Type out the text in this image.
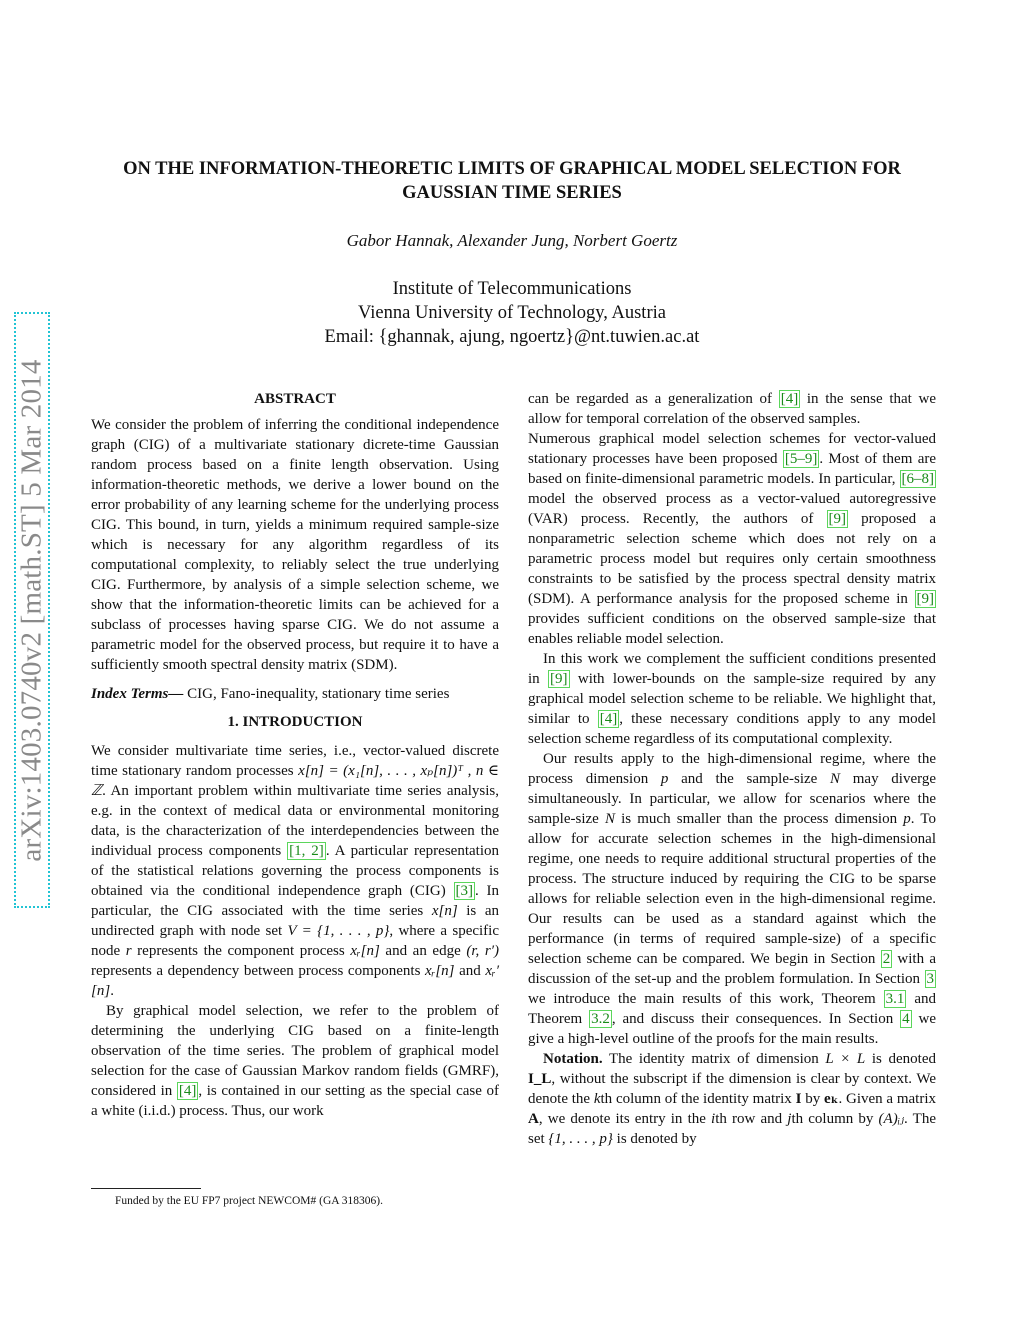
arXiv:1403.0740v2 [math.ST] 5 Mar 2014
ON THE INFORMATION-THEORETIC LIMITS OF GRAPHICAL MODEL SELECTION FOR GAUSSIAN TIME SERIES
Gabor Hannak, Alexander Jung, Norbert Goertz
Institute of Telecommunications
Vienna University of Technology, Austria
Email: {ghannak, ajung, ngoertz}@nt.tuwien.ac.at
ABSTRACT

We consider the problem of inferring the conditional independence graph (CIG) of a multivariate stationary dicrete-time Gaussian random process based on a finite length observation. Using information-theoretic methods, we derive a lower bound on the error probability of any learning scheme for the underlying process CIG. This bound, in turn, yields a minimum required sample-size which is necessary for any algorithm regardless of its computational complexity, to reliably select the true underlying CIG. Furthermore, by analysis of a simple selection scheme, we show that the information-theoretic limits can be achieved for a subclass of processes having sparse CIG. We do not assume a parametric model for the observed process, but require it to have a sufficiently smooth spectral density matrix (SDM).

Index Terms— CIG, Fano-inequality, stationary time series

1. INTRODUCTION

We consider multivariate time series, i.e., vector-valued discrete time stationary random processes x[n] = (x₁[n], . . . , xₚ[n])ᵀ , n ∈ ℤ. An important problem within multivariate time series analysis, e.g. in the context of medical data or environmental monitoring data, is the characterization of the interdependencies between the individual process components [1, 2] . A particular representation of the statistical relations governing the process components is obtained via the conditional independence graph (CIG) [3] . In particular, the CIG associated with the time series x[n] is an undirected graph with node set V = {1, . . . , p}, where a specific node r represents the component process xᵣ[n] and an edge (r, r′) represents a dependency between process components xᵣ[n] and xᵣ′[n].

By graphical model selection, we refer to the problem of determining the underlying CIG based on a finite-length observation of the time series. The problem of graphical model selection for the case of Gaussian Markov random fields (GMRF), considered in [4] , is contained in our setting as the special case of a white (i.i.d.) process. Thus, our work

can be regarded as a generalization of [4] in the sense that we allow for temporal correlation of the observed samples.

Numerous graphical model selection schemes for vector-valued stationary processes have been proposed [5–9] . Most of them are based on finite-dimensional parametric models. In particular, [6–8] model the observed process as a vector-valued autoregressive (VAR) process. Recently, the authors of [9] proposed a nonparametric selection scheme which does not rely on a parametric process model but requires only certain smoothness constraints to be satisfied by the process spectral density matrix (SDM). A performance analysis for the proposed scheme in [9] provides sufficient conditions on the observed sample-size that enables reliable model selection.

In this work we complement the sufficient conditions presented in [9] with lower-bounds on the sample-size required by any graphical model selection scheme to be reliable. We highlight that, similar to [4] , these necessary conditions apply to any model selection scheme regardless of its computational complexity.

Our results apply to the high-dimensional regime, where the process dimension p and the sample-size N may diverge simultaneously. In particular, we allow for scenarios where the sample-size N is much smaller than the process dimension p. To allow for accurate selection schemes in the high-dimensional regime, one needs to require additional structural properties of the process. The structure induced by requiring the CIG to be sparse allows for reliable selection even in the high-dimensional regime. Our results can be used as a standard against which the performance (in terms of required sample-size) of a specific selection scheme can be compared. We begin in Section 2 with a discussion of the set-up and the problem formulation. In Section 3 we introduce the main results of this work, Theorem 3.1 and Theorem 3.2 , and discuss their consequences. In Section 4 we give a high-level outline of the proofs for the main results.

Notation. The identity matrix of dimension L × L is denoted I_L, without the subscript if the dimension is clear by context. We denote the kth column of the identity matrix I by eₖ. Given a matrix A, we denote its entry in the ith row and jth column by (A)ᵢⱼ. The set {1, . . . , p} is denoted by

Funded by the EU FP7 project NEWCOM# (GA 318306).
